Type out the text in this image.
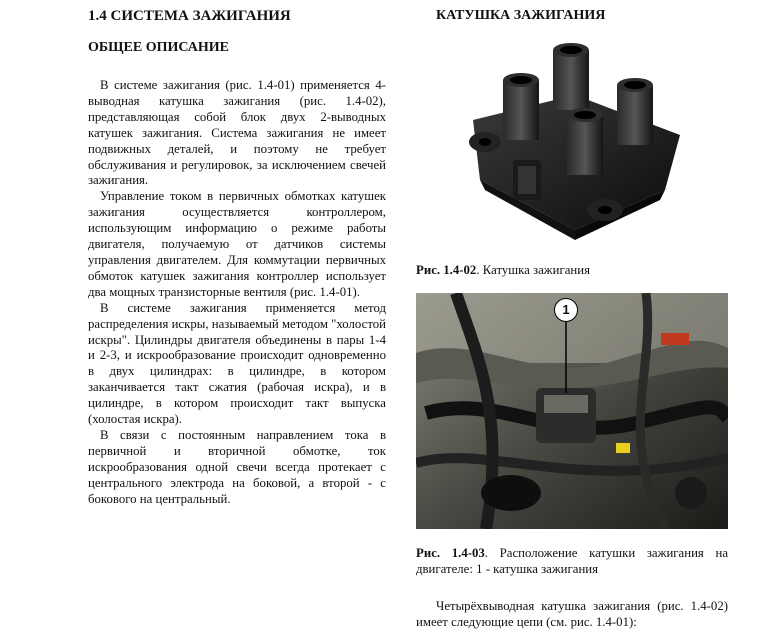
1.4 СИСТЕМА ЗАЖИГАНИЯ
ОБЩЕЕ ОПИСАНИЕ
КАТУШКА ЗАЖИГАНИЯ

В системе зажигания (рис. 1.4-01) применяется 4-выводная катушка зажигания (рис. 1.4-02), представляющая собой блок двух 2-выводных катушек зажигания. Система зажигания не имеет подвижных деталей, и поэтому не требует обслуживания и регулировок, за исключением свечей зажигания.

Управление током в первичных обмотках катушек зажигания осуществляется контроллером, использующим информацию о режиме работы двигателя, получаемую от датчиков системы управления двигателем. Для коммутации первичных обмоток катушек зажигания контроллер использует два мощных транзисторные вентиля (рис. 1.4-01).

В системе зажигания применяется метод распределения искры, называемый методом "холостой искры". Цилиндры двигателя объединены в пары 1-4 и 2-3, и искрообразование происходит одновременно в двух цилиндрах: в цилиндре, в котором заканчивается такт сжатия (рабочая искра), и в цилиндре, в котором происходит такт выпуска (холостая искра).

В связи с постоянным направлением тока в первичной и вторичной обмотке, ток искрообразования одной свечи всегда протекает с центрального электрода на боковой, а второй - с бокового на центральный.

Рис. 1.4-02. Катушка зажигания
1
Рис. 1.4-03. Расположение катушки зажигания на двигателе: 1 - катушка зажигания

Четырёхвыводная катушка зажигания (рис. 1.4-02) имеет следующие цепи (см. рис. 1.4-01):
